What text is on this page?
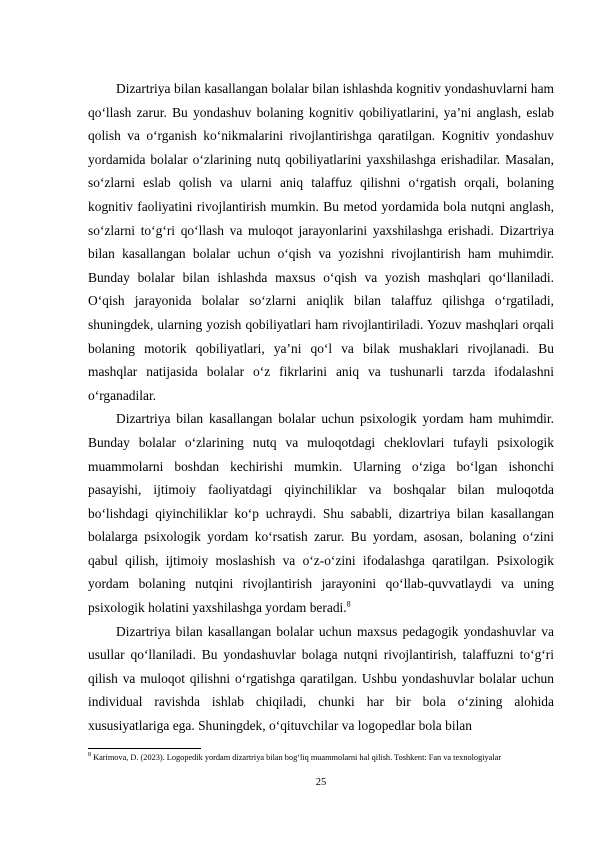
Dizartriya bilan kasallangan bolalar bilan ishlashda kognitiv yondashuvlarni ham qo‘llash zarur. Bu yondashuv bolaning kognitiv qobiliyatlarini, ya’ni anglash, eslab qolish va o‘rganish ko‘nikmalarini rivojlantirishga qaratilgan. Kognitiv yondashuv yordamida bolalar o‘zlarining nutq qobiliyatlarini yaxshilashga erishadilar. Masalan, so‘zlarni eslab qolish va ularni aniq talaffuz qilishni o‘rgatish orqali, bolaning kognitiv faoliyatini rivojlantirish mumkin. Bu metod yordamida bola nutqni anglash, so‘zlarni to‘g‘ri qo‘llash va muloqot jarayonlarini yaxshilashga erishadi. Dizartriya bilan kasallangan bolalar uchun o‘qish va yozishni rivojlantirish ham muhimdir. Bunday bolalar bilan ishlashda maxsus o‘qish va yozish mashqlari qo‘llaniladi. O‘qish jarayonida bolalar so‘zlarni aniqlik bilan talaffuz qilishga o‘rgatiladi, shuningdek, ularning yozish qobiliyatlari ham rivojlantiriladi. Yozuv mashqlari orqali bolaning motorik qobiliyatlari, ya’ni qo‘l va bilak mushaklari rivojlanadi. Bu mashqlar natijasida bolalar o‘z fikrlarini aniq va tushunarli tarzda ifodalashni o‘rganadilar.

Dizartriya bilan kasallangan bolalar uchun psixologik yordam ham muhimdir. Bunday bolalar o‘zlarining nutq va muloqotdagi cheklovlari tufayli psixologik muammolarni boshdan kechirishi mumkin. Ularning o‘ziga bo‘lgan ishonchi pasayishi, ijtimoiy faoliyatdagi qiyinchiliklar va boshqalar bilan muloqotda bo‘lishdagi qiyinchiliklar ko‘p uchraydi. Shu sababli, dizartriya bilan kasallangan bolalarga psixologik yordam ko‘rsatish zarur. Bu yordam, asosan, bolaning o‘zini qabul qilish, ijtimoiy moslashish va o‘z-o‘zini ifodalashga qaratilgan. Psixologik yordam bolaning nutqini rivojlantirish jarayonini qo‘llab-quvvatlaydi va uning psixologik holatini yaxshilashga yordam beradi.$^8$

Dizartriya bilan kasallangan bolalar uchun maxsus pedagogik yondashuvlar va usullar qo‘llaniladi. Bu yondashuvlar bolaga nutqni rivojlantirish, talaffuzni to‘g‘ri qilish va muloqot qilishni o‘rgatishga qaratilgan. Ushbu yondashuvlar bolalar uchun individual ravishda ishlab chiqiladi, chunki har bir bola o‘zining alohida xususiyatlariga ega. Shuningdek, o‘qituvchilar va logopedlar bola bilan

$^8$ Karimova, D. (2023). Logopedik yordam dizartriya bilan bog‘liq muammolarni hal qilish. Toshkent: Fan va texnologiyalar
25
